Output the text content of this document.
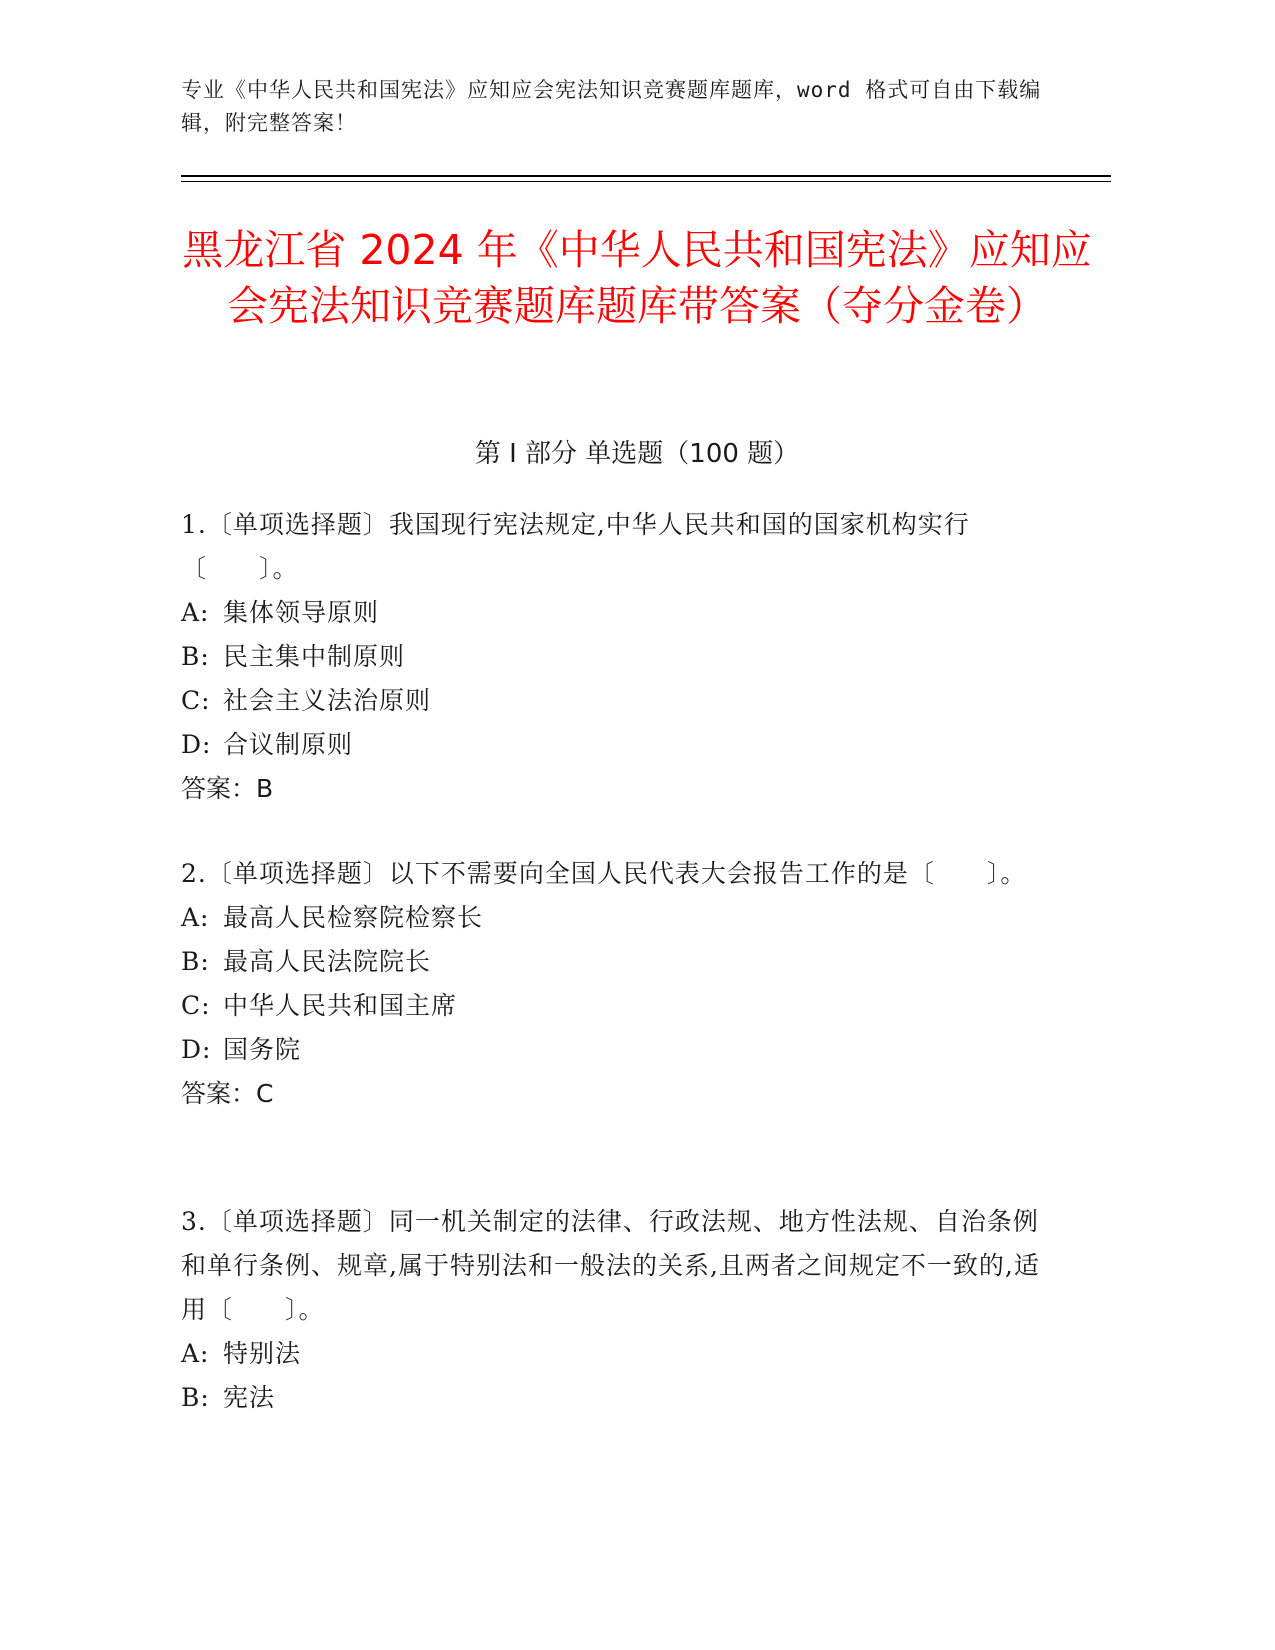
专业《中华人民共和国宪法》应知应会宪法知识竞赛题库题库，word 格式可自由下载编辑，附完整答案！
黑龙江省 2024 年《中华人民共和国宪法》应知应会宪法知识竞赛题库题库带答案（夺分金卷）
第 I 部分 单选题（100 题）

1.〔单项选择题〕我国现行宪法规定,中华人民共和国的国家机构实行〔　　〕。

A: 集体领导原则
B: 民主集中制原则
C: 社会主义法治原则
D: 合议制原则
答案：B

2.〔单项选择题〕以下不需要向全国人民代表大会报告工作的是〔　　〕。

A: 最高人民检察院检察长
B: 最高人民法院院长
C: 中华人民共和国主席
D: 国务院
答案：C

3.〔单项选择题〕同一机关制定的法律、行政法规、地方性法规、自治条例和单行条例、规章,属于特别法和一般法的关系,且两者之间规定不一致的,适用〔　　〕。

A: 特别法
B: 宪法
